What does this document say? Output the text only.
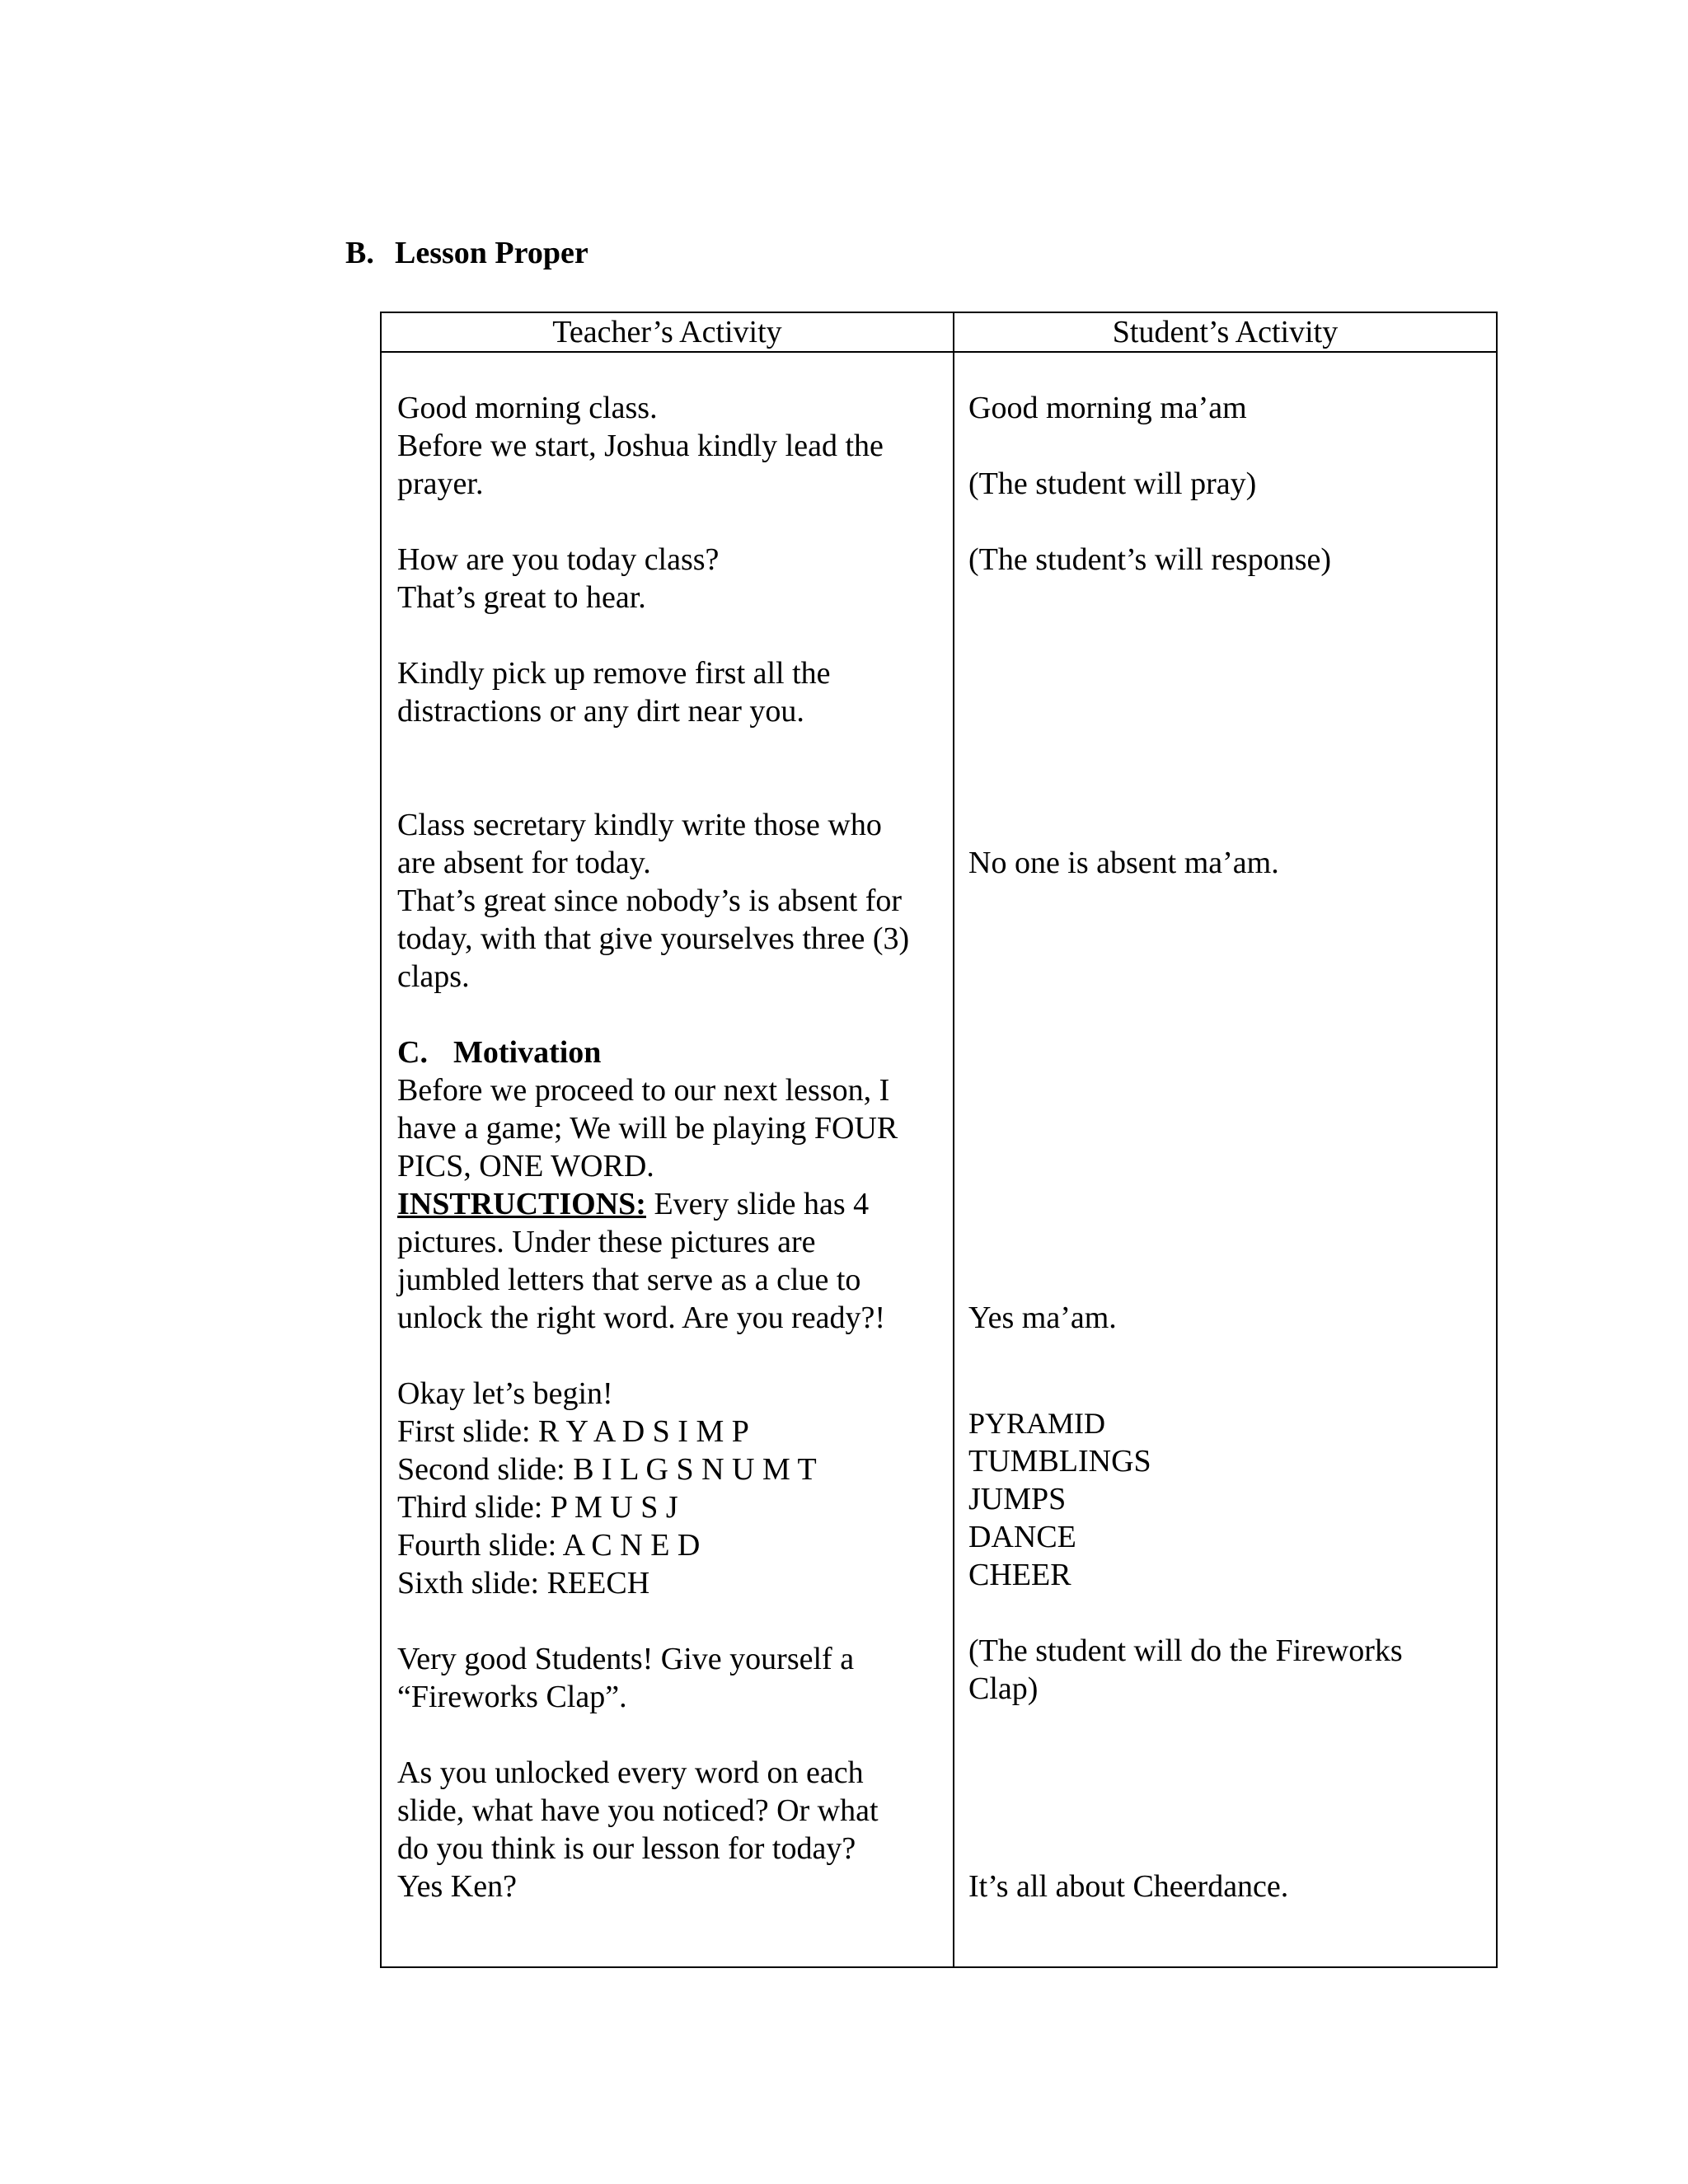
B. Lesson Proper
Teacher’s Activity	Student’s Activity
Good morning class.
Before we start, Joshua kindly lead the
prayer.
How are you today class?
That’s great to hear.
Kindly pick up remove first all the
distractions or any dirt near you.
Class secretary kindly write those who
are absent for today.
That’s great since nobody’s is absent for
today, with that give yourselves three (3)
claps.
C. Motivation
Before we proceed to our next lesson, I
have a game; We will be playing FOUR
PICS, ONE WORD.
INSTRUCTIONS: Every slide has 4
pictures. Under these pictures are
jumbled letters that serve as a clue to
unlock the right word. Are you ready?!
Okay let’s begin!
First slide: R Y A D S I M P
Second slide: B I L G S N U M T
Third slide: P M U S J
Fourth slide: A C N E D
Sixth slide: REECH
Very good Students! Give yourself a
“Fireworks Clap”.
As you unlocked every word on each
slide, what have you noticed? Or what
do you think is our lesson for today?
Yes Ken?
Good morning ma’am
(The student will pray)
(The student’s will response)
No one is absent ma’am.
Yes ma’am.
PYRAMID
TUMBLINGS
JUMPS
DANCE
CHEER
(The student will do the Fireworks
Clap)
It’s all about Cheerdance.
